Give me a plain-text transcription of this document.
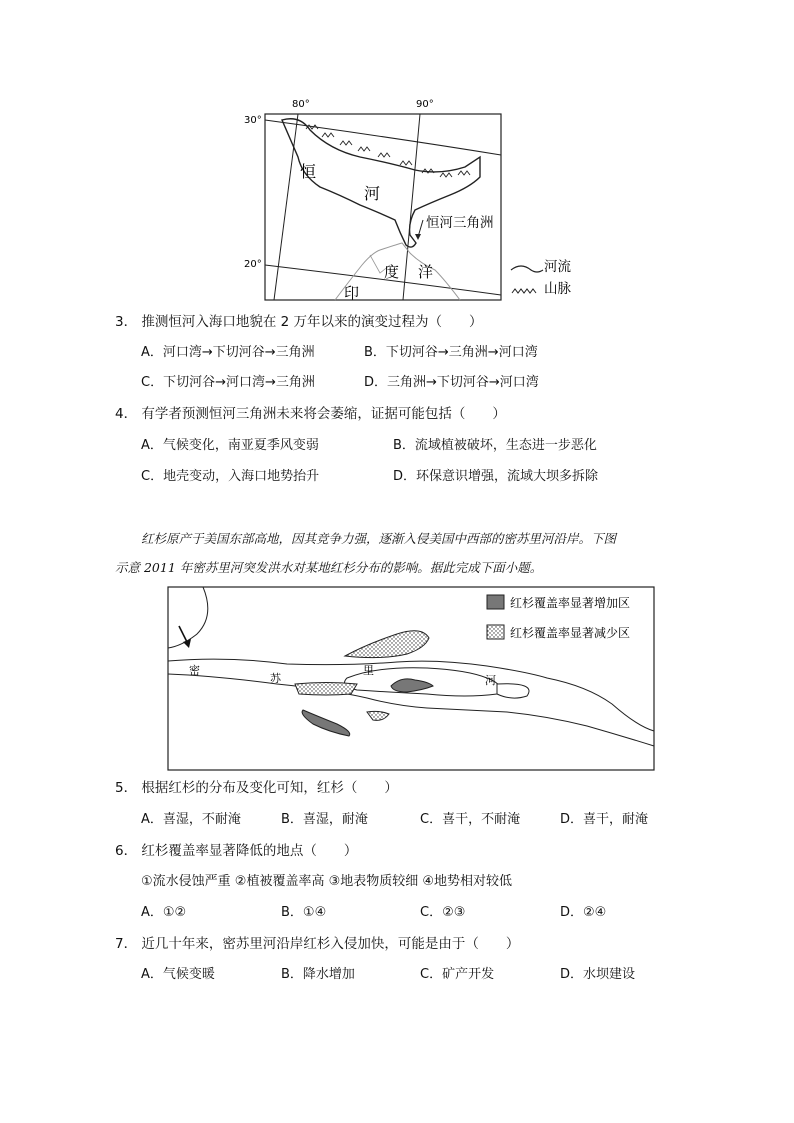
80°	90°
30°
20°
恒
河
恒河三角洲
度 洋
印
河流
山脉
3． 推测恒河入海口地貌在 2 万年以来的演变过程为（　　）
A．河口湾→下切河谷→三角洲	B．下切河谷→三角洲→河口湾
C．下切河谷→河口湾→三角洲	D．三角洲→下切河谷→河口湾
4． 有学者预测恒河三角洲未来将会萎缩，证据可能包括（　　）
A．气候变化，南亚夏季风变弱	B．流域植被破坏，生态进一步恶化
C．地壳变动，入海口地势抬升	D．环保意识增强，流域大坝多拆除
红杉原产于美国东部高地，因其竞争力强，逐渐入侵美国中西部的密苏里河沿岸。下图
示意 2011 年密苏里河突发洪水对某地红杉分布的影响。据此完成下面小题。
密
苏
里
河
红杉覆盖率显著增加区
红杉覆盖率显著减少区
5． 根据红杉的分布及变化可知，红杉（　　）
A．喜湿，不耐淹	B．喜湿，耐淹	C．喜干，不耐淹	D．喜干，耐淹
6． 红杉覆盖率显著降低的地点（　　）
①流水侵蚀严重 ②植被覆盖率高 ③地表物质较细 ④地势相对较低
A．①②	B．①④	C．②③	D．②④
7． 近几十年来，密苏里河沿岸红杉入侵加快，可能是由于（　　）
A．气候变暖	B．降水增加	C．矿产开发	D．水坝建设
